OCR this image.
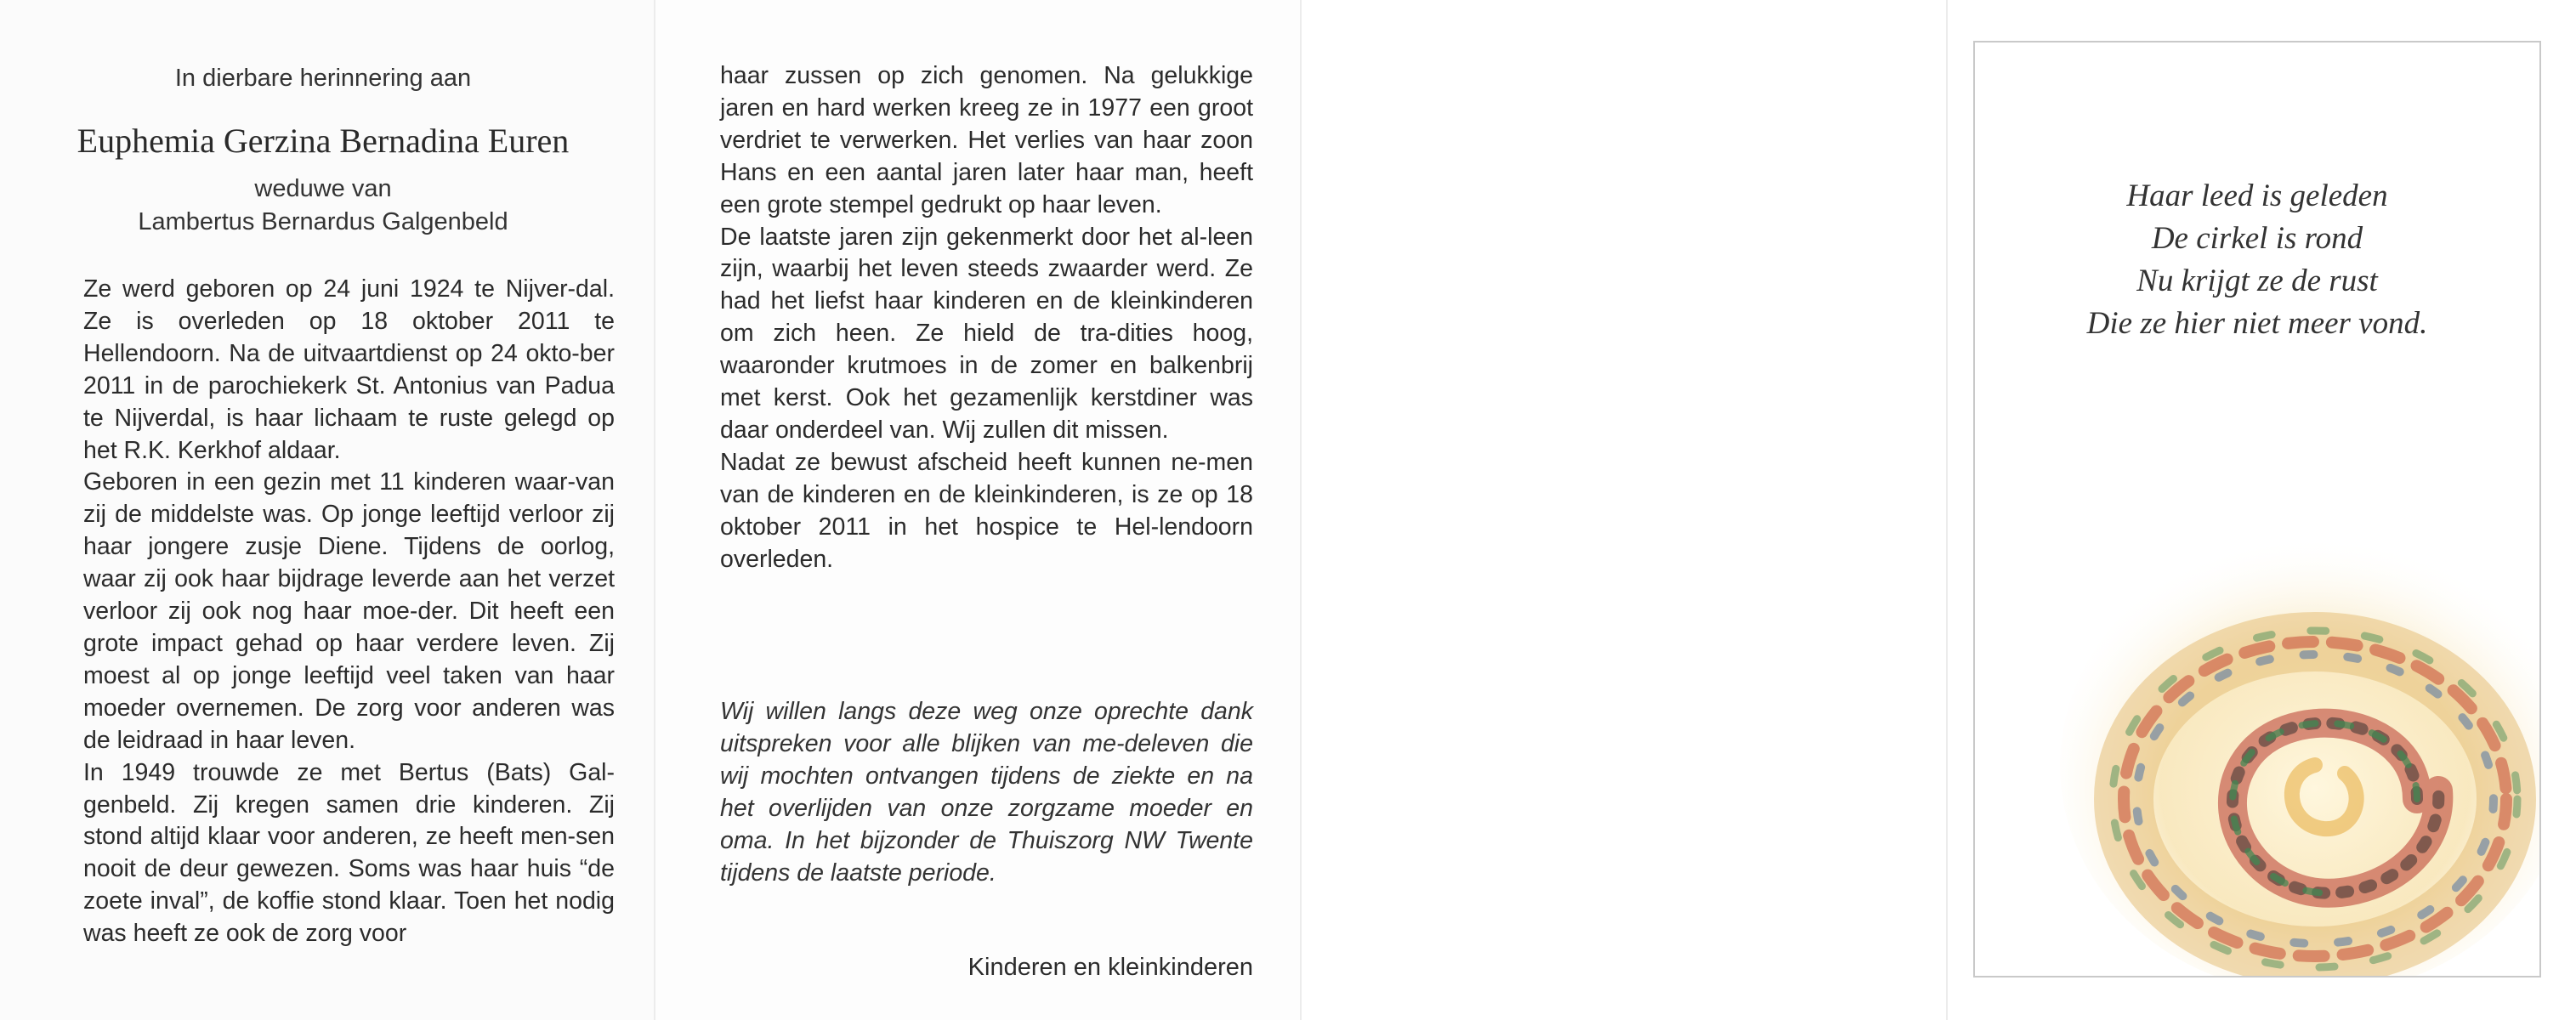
In dierbare herinnering aan
Euphemia Gerzina Bernadina Euren
weduwe van
Lambertus Bernardus Galgenbeld

Ze werd geboren op 24 juni 1924 te Nijver-dal. Ze is overleden op 18 oktober 2011 te Hellendoorn. Na de uitvaartdienst op 24 okto-ber 2011 in de parochiekerk St. Antonius van Padua te Nijverdal, is haar lichaam te ruste gelegd op het R.K. Kerkhof aldaar.

Geboren in een gezin met 11 kinderen waar-van zij de middelste was. Op jonge leeftijd verloor zij haar jongere zusje Diene. Tijdens de oorlog, waar zij ook haar bijdrage leverde aan het verzet verloor zij ook nog haar moe-der. Dit heeft een grote impact gehad op haar verdere leven. Zij moest al op jonge leeftijd veel taken van haar moeder overnemen. De zorg voor anderen was de leidraad in haar leven.

In 1949 trouwde ze met Bertus (Bats) Gal-genbeld. Zij kregen samen drie kinderen. Zij stond altijd klaar voor anderen, ze heeft men-sen nooit de deur gewezen. Soms was haar huis “de zoete inval”, de koffie stond klaar. Toen het nodig was heeft ze ook de zorg voor

haar zussen op zich genomen. Na gelukkige jaren en hard werken kreeg ze in 1977 een groot verdriet te verwerken. Het verlies van haar zoon Hans en een aantal jaren later haar man, heeft een grote stempel gedrukt op haar leven.

De laatste jaren zijn gekenmerkt door het al-leen zijn, waarbij het leven steeds zwaarder werd. Ze had het liefst haar kinderen en de kleinkinderen om zich heen. Ze hield de tra-dities hoog, waaronder krutmoes in de zomer en balkenbrij met kerst. Ook het gezamenlijk kerstdiner was daar onderdeel van. Wij zullen dit missen.

Nadat ze bewust afscheid heeft kunnen ne-men van de kinderen en de kleinkinderen, is ze op 18 oktober 2011 in het hospice te Hel-lendoorn overleden.

Wij willen langs deze weg onze oprechte dank uitspreken voor alle blijken van me-deleven die wij mochten ontvangen tijdens de ziekte en na het overlijden van onze zorgzame moeder en oma. In het bijzonder de Thuiszorg NW Twente tijdens de laatste periode.
Kinderen en kleinkinderen
Haar leed is geleden
De cirkel is rond
Nu krijgt ze de rust
Die ze hier niet meer vond.
